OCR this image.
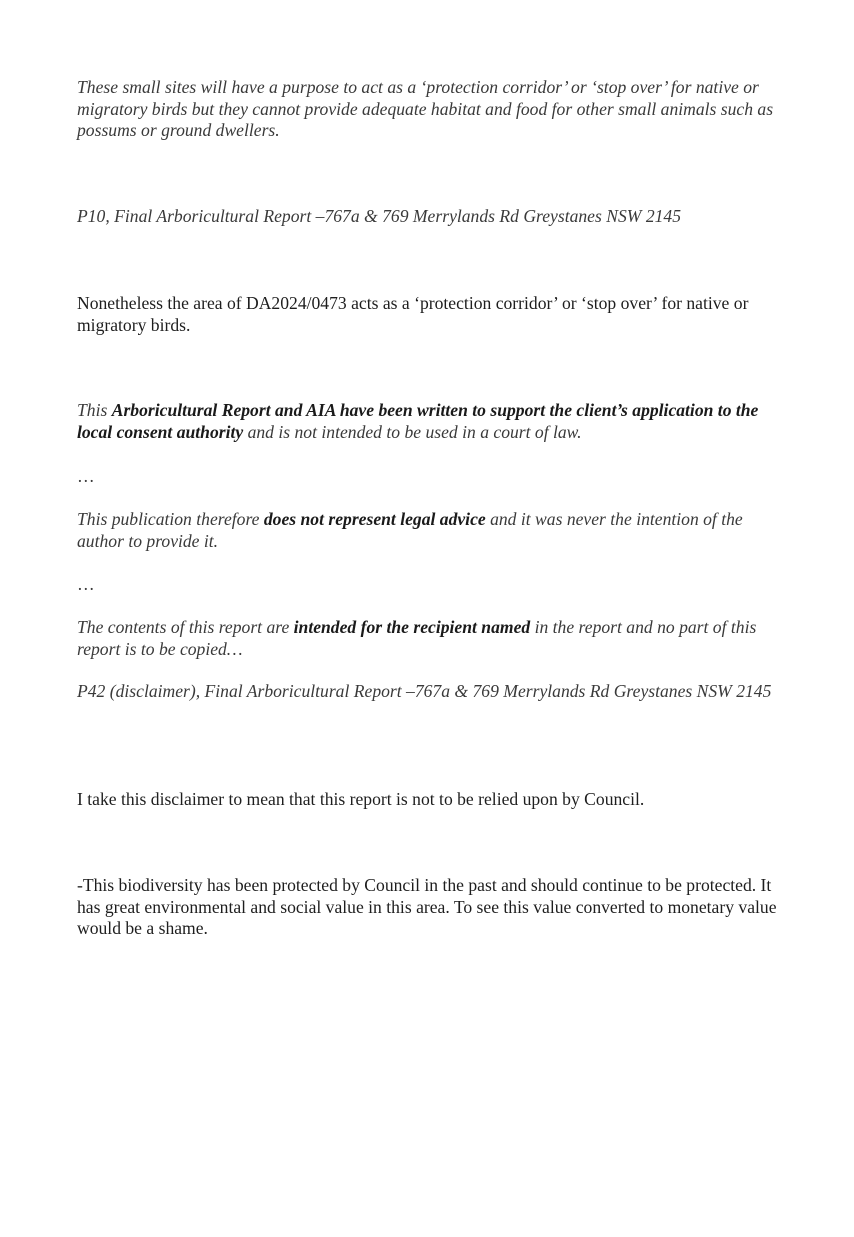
These small sites will have a purpose to act as a ‘protection corridor’ or ‘stop over’ for native or migratory birds but they cannot provide adequate habitat and food for other small animals such as possums or ground dwellers.

P10, Final Arboricultural Report –767a & 769 Merrylands Rd Greystanes NSW 2145

Nonetheless the area of DA2024/0473 acts as a ‘protection corridor’ or ‘stop over’ for native or migratory birds.

This Arboricultural Report and AIA have been written to support the client’s application to the local consent authority and is not intended to be used in a court of law.

…

This publication therefore does not represent legal advice and it was never the intention of the author to provide it.

…

The contents of this report are intended for the recipient named in the report and no part of this report is to be copied…

P42 (disclaimer), Final Arboricultural Report –767a & 769 Merrylands Rd Greystanes NSW 2145

I take this disclaimer to mean that this report is not to be relied upon by Council.

-This biodiversity has been protected by Council in the past and should continue to be protected. It has great environmental and social value in this area. To see this value converted to monetary value would be a shame.
